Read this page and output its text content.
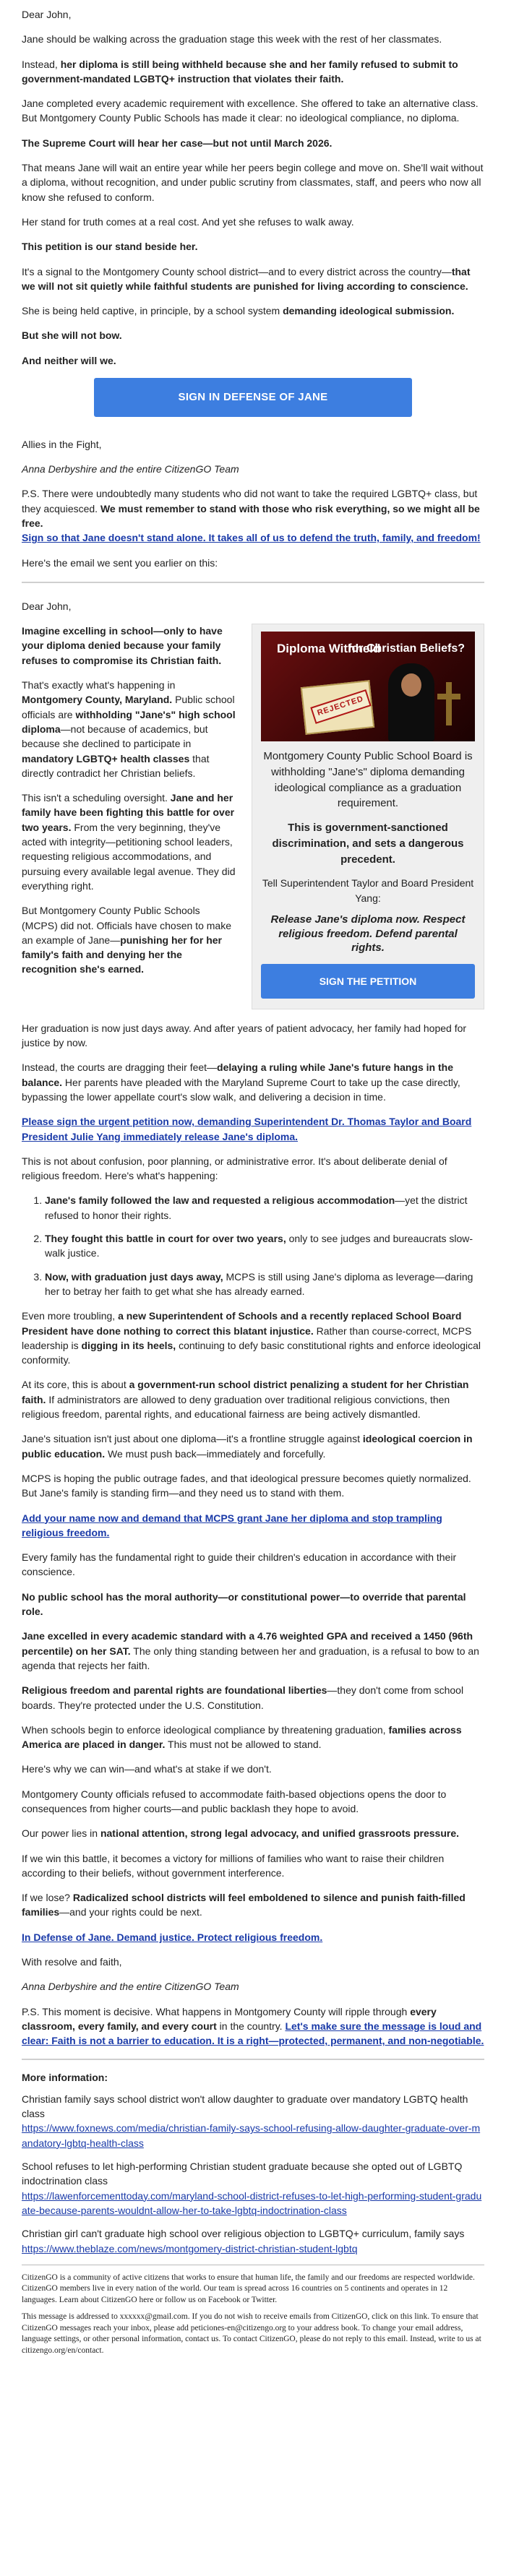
Dear John,

Jane should be walking across the graduation stage this week with the rest of her classmates.

Instead, her diploma is still being withheld because she and her family refused to submit to government-mandated LGBTQ+ instruction that violates their faith.

Jane completed every academic requirement with excellence. She offered to take an alternative class. But Montgomery County Public Schools has made it clear: no ideological compliance, no diploma.

The Supreme Court will hear her case—but not until March 2026.

That means Jane will wait an entire year while her peers begin college and move on. She'll wait without a diploma, without recognition, and under public scrutiny from classmates, staff, and peers who now all know she refused to conform.

Her stand for truth comes at a real cost. And yet she refuses to walk away.

This petition is our stand beside her.

It's a signal to the Montgomery County school district—and to every district across the country—that we will not sit quietly while faithful students are punished for living according to conscience.

She is being held captive, in principle, by a school system demanding ideological submission.

But she will not bow.

And neither will we.

SIGN IN DEFENSE OF JANE

Allies in the Fight,

Anna Derbyshire and the entire CitizenGO Team

P.S. There were undoubtedly many students who did not want to take the required LGBTQ+ class, but they acquiesced. We must remember to stand with those who risk everything, so we might all be free.
Sign so that Jane doesn't stand alone. It takes all of us to defend the truth, family, and freedom!

Here's the email we sent you earlier on this:

Dear John,

Diploma Withheld
for Christian Beliefs?
REJECTED
Montgomery County Public School Board is withholding "Jane's" diploma demanding ideological compliance as a graduation requirement.
This is government-sanctioned discrimination, and sets a dangerous precedent.
Tell Superintendent Taylor and Board President Yang:
Release Jane's diploma now. Respect religious freedom. Defend parental rights.
SIGN THE PETITION

Imagine excelling in school—only to have your diploma denied because your family refuses to compromise its Christian faith.

That's exactly what's happening in Montgomery County, Maryland. Public school officials are withholding "Jane's" high school diploma—not because of academics, but because she declined to participate in mandatory LGBTQ+ health classes that directly contradict her Christian beliefs.

This isn't a scheduling oversight. Jane and her family have been fighting this battle for over two years. From the very beginning, they've acted with integrity—petitioning school leaders, requesting religious accommodations, and pursuing every available legal avenue. They did everything right.

But Montgomery County Public Schools (MCPS) did not. Officials have chosen to make an example of Jane—punishing her for her family's faith and denying her the recognition she's earned.

Her graduation is now just days away. And after years of patient advocacy, her family had hoped for justice by now.

Instead, the courts are dragging their feet—delaying a ruling while Jane's future hangs in the balance. Her parents have pleaded with the Maryland Supreme Court to take up the case directly, bypassing the lower appellate court's slow walk, and delivering a decision in time.

Please sign the urgent petition now, demanding Superintendent Dr. Thomas Taylor and Board President Julie Yang immediately release Jane's diploma.

This is not about confusion, poor planning, or administrative error. It's about deliberate denial of religious freedom. Here's what's happening:

1. Jane's family followed the law and requested a religious accommodation—yet the district refused to honor their rights.
2. They fought this battle in court for over two years, only to see judges and bureaucrats slow-walk justice.
3. Now, with graduation just days away, MCPS is still using Jane's diploma as leverage—daring her to betray her faith to get what she has already earned.

Even more troubling, a new Superintendent of Schools and a recently replaced School Board President have done nothing to correct this blatant injustice. Rather than course-correct, MCPS leadership is digging in its heels, continuing to defy basic constitutional rights and enforce ideological conformity.

At its core, this is about a government-run school district penalizing a student for her Christian faith. If administrators are allowed to deny graduation over traditional religious convictions, then religious freedom, parental rights, and educational fairness are being actively dismantled.

Jane's situation isn't just about one diploma—it's a frontline struggle against ideological coercion in public education. We must push back—immediately and forcefully.

MCPS is hoping the public outrage fades, and that ideological pressure becomes quietly normalized. But Jane's family is standing firm—and they need us to stand with them.

Add your name now and demand that MCPS grant Jane her diploma and stop trampling religious freedom.

Every family has the fundamental right to guide their children's education in accordance with their conscience.

No public school has the moral authority—or constitutional power—to override that parental role.

Jane excelled in every academic standard with a 4.76 weighted GPA and received a 1450 (96th percentile) on her SAT. The only thing standing between her and graduation, is a refusal to bow to an agenda that rejects her faith.

Religious freedom and parental rights are foundational liberties—they don't come from school boards. They're protected under the U.S. Constitution.

When schools begin to enforce ideological compliance by threatening graduation, families across America are placed in danger. This must not be allowed to stand.

Here's why we can win—and what's at stake if we don't.

Montgomery County officials refused to accommodate faith-based objections opens the door to consequences from higher courts—and public backlash they hope to avoid.

Our power lies in national attention, strong legal advocacy, and unified grassroots pressure.

If we win this battle, it becomes a victory for millions of families who want to raise their children according to their beliefs, without government interference.

If we lose? Radicalized school districts will feel emboldened to silence and punish faith-filled families—and your rights could be next.

In Defense of Jane. Demand justice. Protect religious freedom.

With resolve and faith,

Anna Derbyshire and the entire CitizenGO Team

P.S. This moment is decisive. What happens in Montgomery County will ripple through every classroom, every family, and every court in the country. Let's make sure the message is loud and clear: Faith is not a barrier to education. It is a right—protected, permanent, and non-negotiable.

More information:
Christian family says school district won't allow daughter to graduate over mandatory LGBTQ health class
https://www.foxnews.com/media/christian-family-says-school-refusing-allow-daughter-graduate-over-mandatory-lgbtq-health-class
School refuses to let high-performing Christian student graduate because she opted out of LGBTQ indoctrination class
https://lawenforcementtoday.com/maryland-school-district-refuses-to-let-high-performing-student-graduate-because-parents-wouldnt-allow-her-to-take-lgbtq-indoctrination-class
Christian girl can't graduate high school over religious objection to LGBTQ+ curriculum, family says
https://www.theblaze.com/news/montgomery-district-christian-student-lgbtq

CitizenGO is a community of active citizens that works to ensure that human life, the family and our freedoms are respected worldwide. CitizenGO members live in every nation of the world. Our team is spread across 16 countries on 5 continents and operates in 12 languages. Learn about CitizenGO here or follow us on Facebook or Twitter.

This message is addressed to xxxxxx@gmail.com. If you do not wish to receive emails from CitizenGO, click on this link. To ensure that CitizenGO messages reach your inbox, please add peticiones-en@citizengo.org to your address book. To change your email address, language settings, or other personal information, contact us. To contact CitizenGO, please do not reply to this email. Instead, write to us at citizengo.org/en/contact.
